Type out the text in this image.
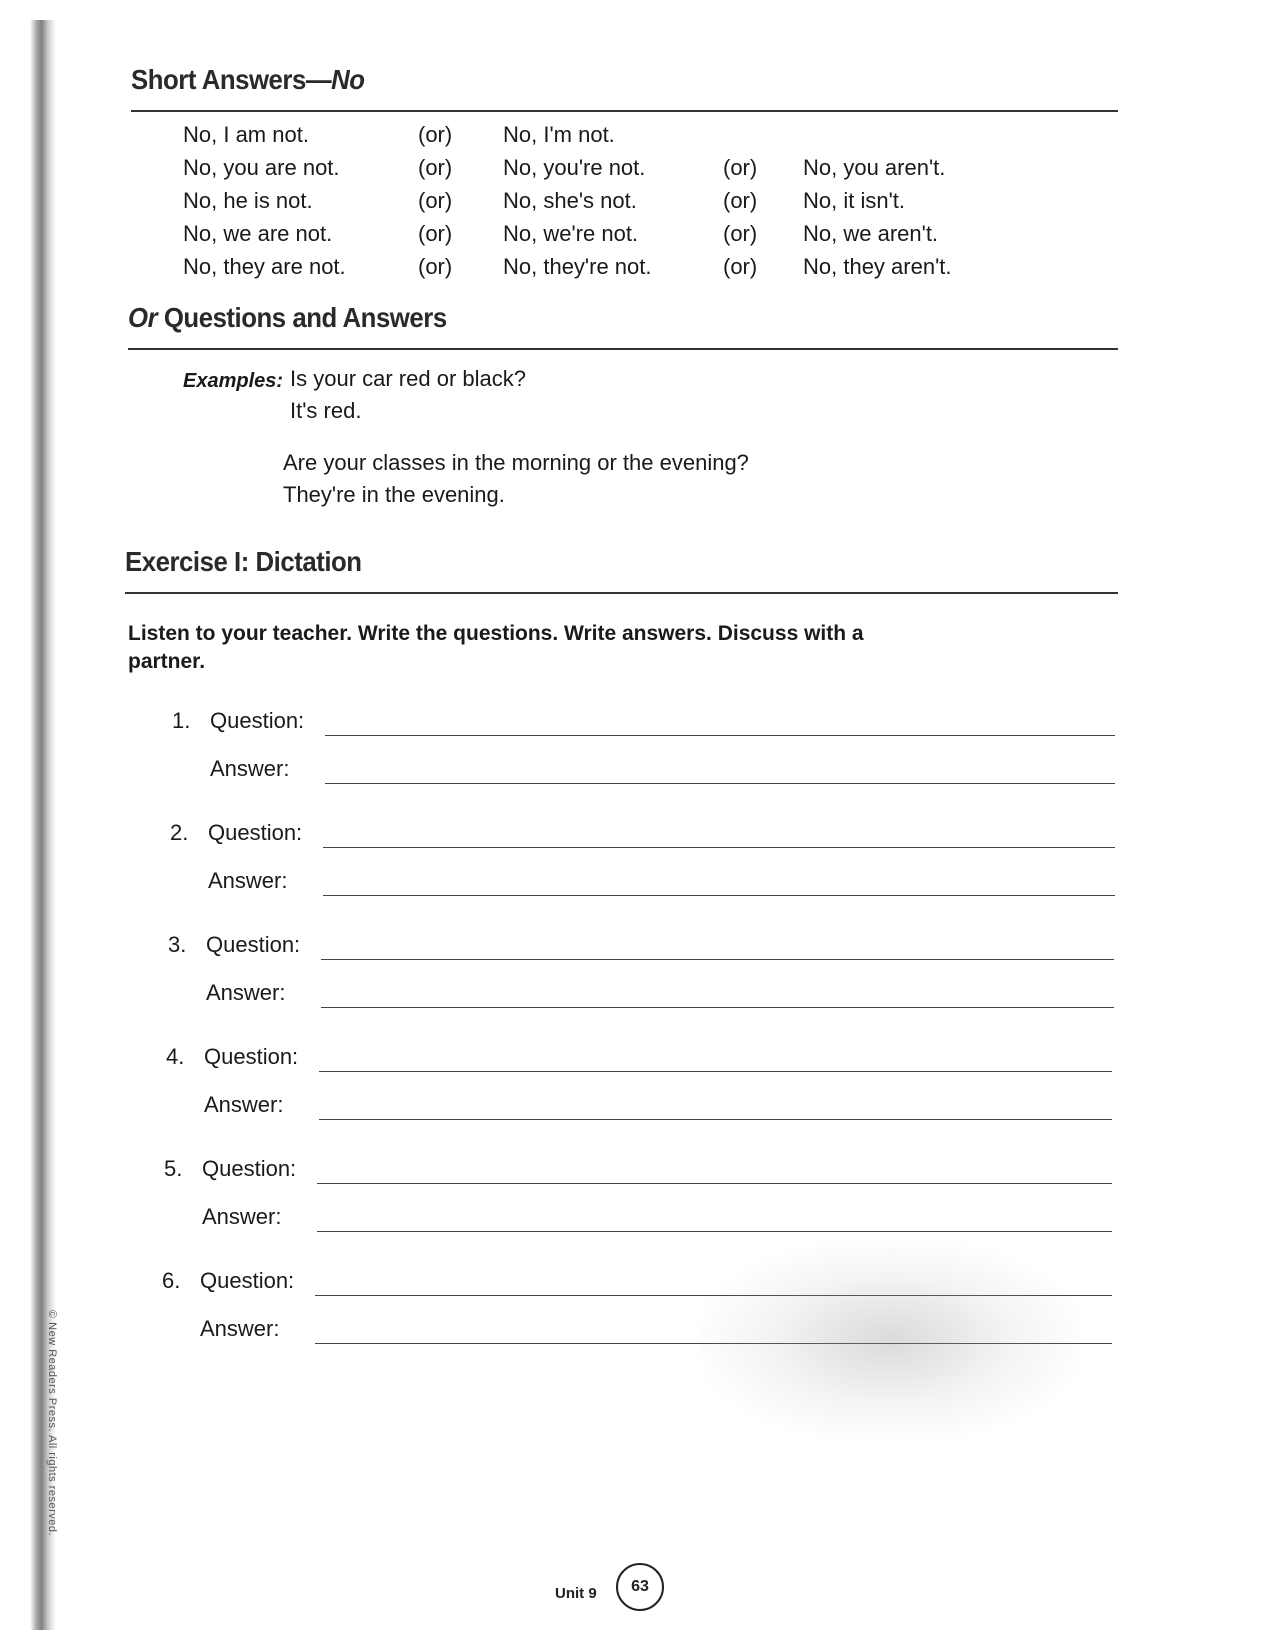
© New Readers Press. All rights reserved.
Short Answers—No
No, I am not.	(or) No, I'm not.
No, you are not.	(or) No, you're not.	(or) No, you aren't.
No, he is not.	(or) No, she's not.	(or) No, it isn't.
No, we are not.	(or) No, we're not.	(or) No, we aren't.
No, they are not.	(or) No, they're not.	(or) No, they aren't.
Or Questions and Answers
Examples: Is your car red or black?
It's red.
Are your classes in the morning or the evening?
They're in the evening.
Exercise I: Dictation
Listen to your teacher. Write the questions. Write answers. Discuss with a partner.
1. Question:
Answer:
2. Question:
Answer:
3. Question:
Answer:
4. Question:
Answer:
5. Question:
Answer:
6. Question:
Answer:
Unit 9 63
